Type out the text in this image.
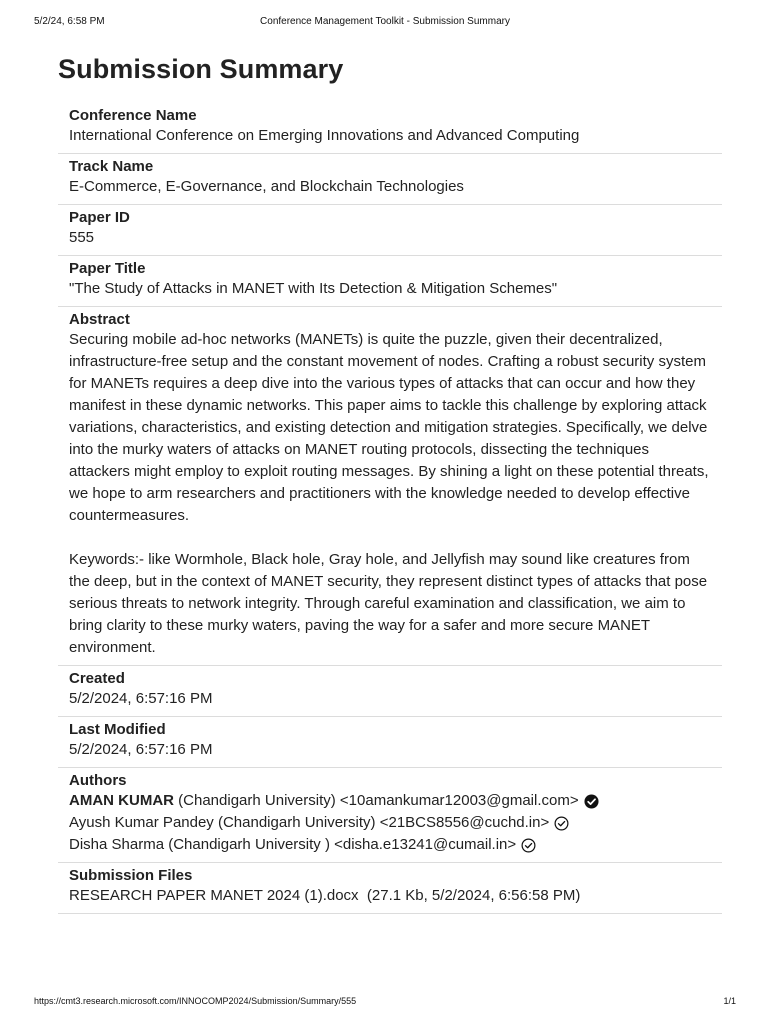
5/2/24, 6:58 PM	Conference Management Toolkit - Submission Summary
Submission Summary
Conference Name
International Conference on Emerging Innovations and Advanced Computing
Track Name
E-Commerce, E-Governance, and Blockchain Technologies
Paper ID
555
Paper Title
"The Study of Attacks in MANET with Its Detection & Mitigation Schemes"
Abstract
Securing mobile ad-hoc networks (MANETs) is quite the puzzle, given their decentralized, infrastructure-free setup and the constant movement of nodes. Crafting a robust security system for MANETs requires a deep dive into the various types of attacks that can occur and how they manifest in these dynamic networks. This paper aims to tackle this challenge by exploring attack variations, characteristics, and existing detection and mitigation strategies. Specifically, we delve into the murky waters of attacks on MANET routing protocols, dissecting the techniques attackers might employ to exploit routing messages. By shining a light on these potential threats, we hope to arm researchers and practitioners with the knowledge needed to develop effective countermeasures.

Keywords:- like Wormhole, Black hole, Gray hole, and Jellyfish may sound like creatures from the deep, but in the context of MANET security, they represent distinct types of attacks that pose serious threats to network integrity. Through careful examination and classification, we aim to bring clarity to these murky waters, paving the way for a safer and more secure MANET environment.
Created
5/2/2024, 6:57:16 PM
Last Modified
5/2/2024, 6:57:16 PM
Authors
AMAN KUMAR
(Chandigarh University)
<10amankumar12003@gmail.com>
Ayush Kumar Pandey
(Chandigarh University)
<21BCS8556@cuchd.in>
Disha Sharma
(Chandigarh University )
<disha.e13241@cumail.in>
Submission Files
RESEARCH PAPER MANET 2024 (1).docx (27.1 Kb, 5/2/2024, 6:56:58 PM)
https://cmt3.research.microsoft.com/INNOCOMP2024/Submission/Summary/555	1/1
